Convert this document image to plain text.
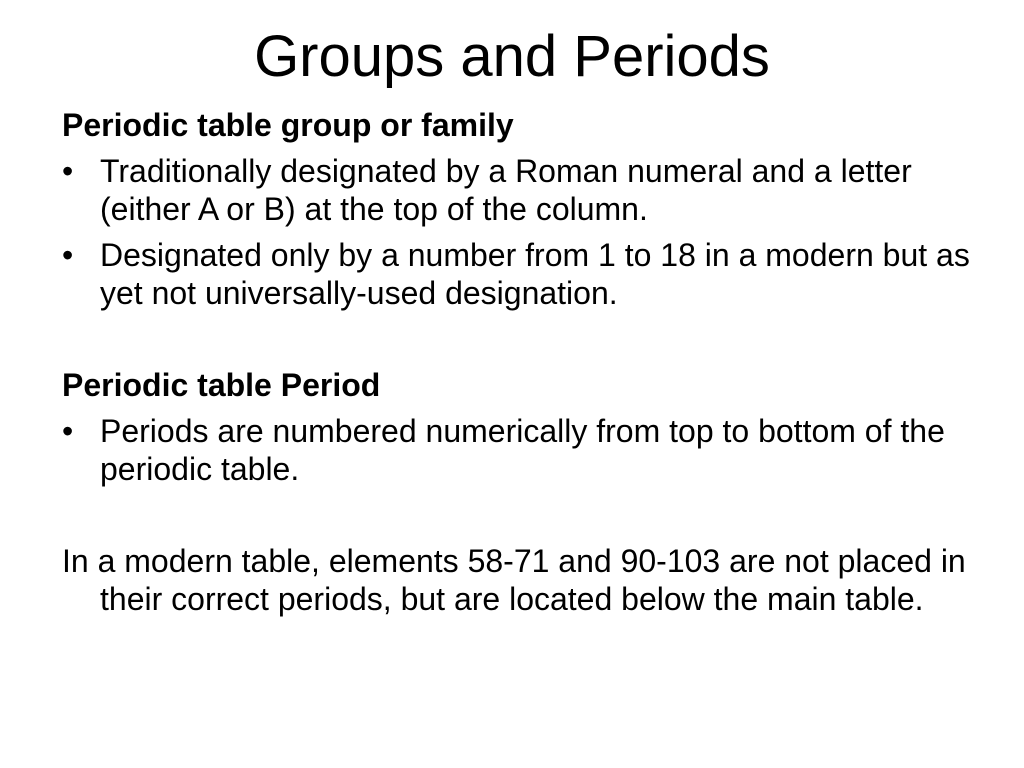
Groups and Periods
Periodic table group or family
• Traditionally designated by a Roman numeral and a letter (either A or B) at the top of the column.
• Designated only by a number from 1 to 18 in a modern but as yet not universally-used designation.
Periodic table Period
• Periods are numbered numerically from top to bottom of the periodic table.

In a modern table, elements 58-71 and 90-103 are not placed in their correct periods, but are located below the main table.
